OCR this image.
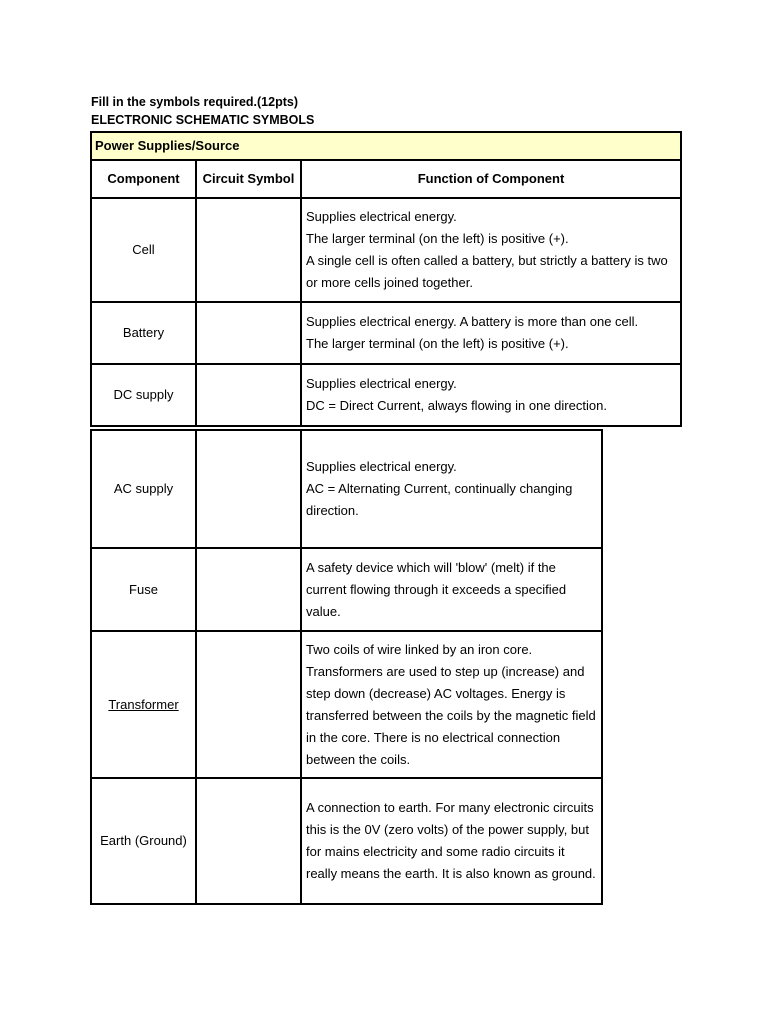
Fill in the symbols required.(12pts)
ELECTRONIC SCHEMATIC SYMBOLS
Power Supplies/Source		
Component	Circuit Symbol	Function of Component
Cell		Supplies electrical energy.
The larger terminal (on the left) is positive (+).
A single cell is often called a battery, but strictly a battery is two or more cells joined together.

Battery		Supplies electrical energy. A battery is more than one cell.
The larger terminal (on the left) is positive (+).

DC supply		Supplies electrical energy.
DC = Direct Current, always flowing in one direction.
AC supply		Supplies electrical energy.
AC = Alternating Current, continually changing direction.

Fuse		A safety device which will 'blow' (melt) if the current flowing through it exceeds a specified value.
Transformer		Two coils of wire linked by an iron core. Transformers are used to step up (increase) and step down (decrease) AC voltages. Energy is transferred between the coils by the magnetic field in the core. There is no electrical connection between the coils.
Earth (Ground)		A connection to earth. For many electronic circuits this is the 0V (zero volts) of the power supply, but for mains electricity and some radio circuits it really means the earth. It is also known as ground.
